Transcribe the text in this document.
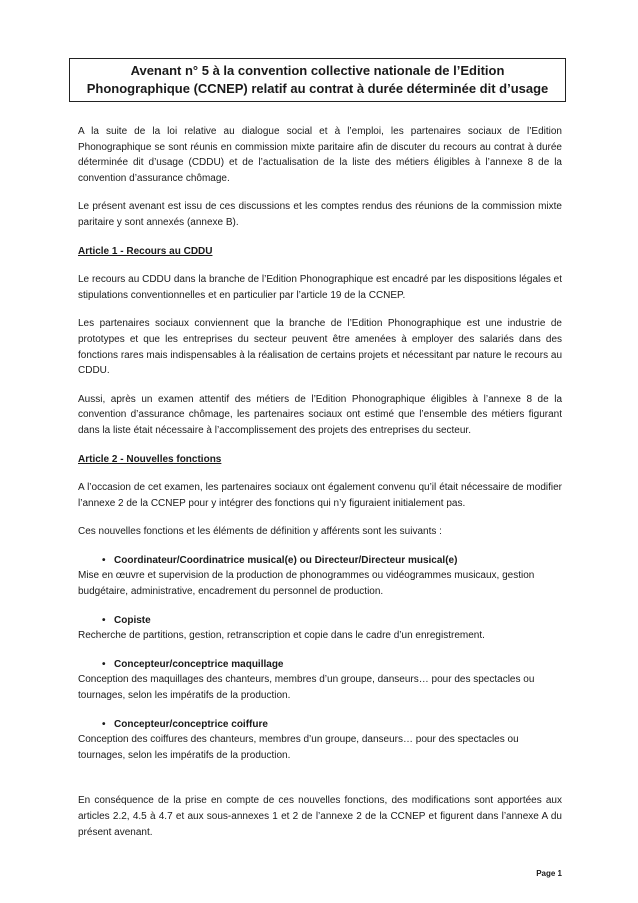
Avenant n° 5 à la convention collective nationale de l’Edition
Phonographique (CCNEP) relatif au contrat à durée déterminée dit d’usage

A la suite de la loi relative au dialogue social et à l’emploi, les partenaires sociaux de l’Edition Phonographique se sont réunis en commission mixte paritaire afin de discuter du recours au contrat à durée déterminée dit d’usage (CDDU) et de l’actualisation de la liste des métiers éligibles à l’annexe 8 de la convention d’assurance chômage.

Le présent avenant est issu de ces discussions et les comptes rendus des réunions de la commission mixte paritaire y sont annexés (annexe B).

Article 1 - Recours au CDDU

Le recours au CDDU dans la branche de l’Edition Phonographique est encadré par les dispositions légales et stipulations conventionnelles et en particulier par l’article 19 de la CCNEP.

Les partenaires sociaux conviennent que la branche de l’Edition Phonographique est une industrie de prototypes et que les entreprises du secteur peuvent être amenées à employer des salariés dans des fonctions rares mais indispensables à la réalisation de certains projets et nécessitant par nature le recours au CDDU.

Aussi, après un examen attentif des métiers de l’Edition Phonographique éligibles à l’annexe 8 de la convention d’assurance chômage, les partenaires sociaux ont estimé que l’ensemble des métiers figurant dans la liste était nécessaire à l’accomplissement des projets des entreprises du secteur.

Article 2 - Nouvelles fonctions

A l’occasion de cet examen, les partenaires sociaux ont également convenu qu’il était nécessaire de modifier l’annexe 2 de la CCNEP pour y intégrer des fonctions qui n’y figuraient initialement pas.

Ces nouvelles fonctions et les éléments de définition y afférents sont les suivants :

• Coordinateur/Coordinatrice musical(e) ou Directeur/Directeur musical(e)
Mise en œuvre et supervision de la production de phonogrammes ou vidéogrammes musicaux, gestion budgétaire, administrative, encadrement du personnel de production.
• Copiste
Recherche de partitions, gestion, retranscription et copie dans le cadre d’un enregistrement.
• Concepteur/conceptrice maquillage
Conception des maquillages des chanteurs, membres d’un groupe, danseurs… pour des spectacles ou tournages, selon les impératifs de la production.
• Concepteur/conceptrice coiffure
Conception des coiffures des chanteurs, membres d’un groupe, danseurs… pour des spectacles ou tournages, selon les impératifs de la production.

En conséquence de la prise en compte de ces nouvelles fonctions, des modifications sont apportées aux articles 2.2, 4.5 à 4.7 et aux sous-annexes 1 et 2 de l’annexe 2 de la CCNEP et figurent dans l’annexe A du présent avenant.

Page 1
